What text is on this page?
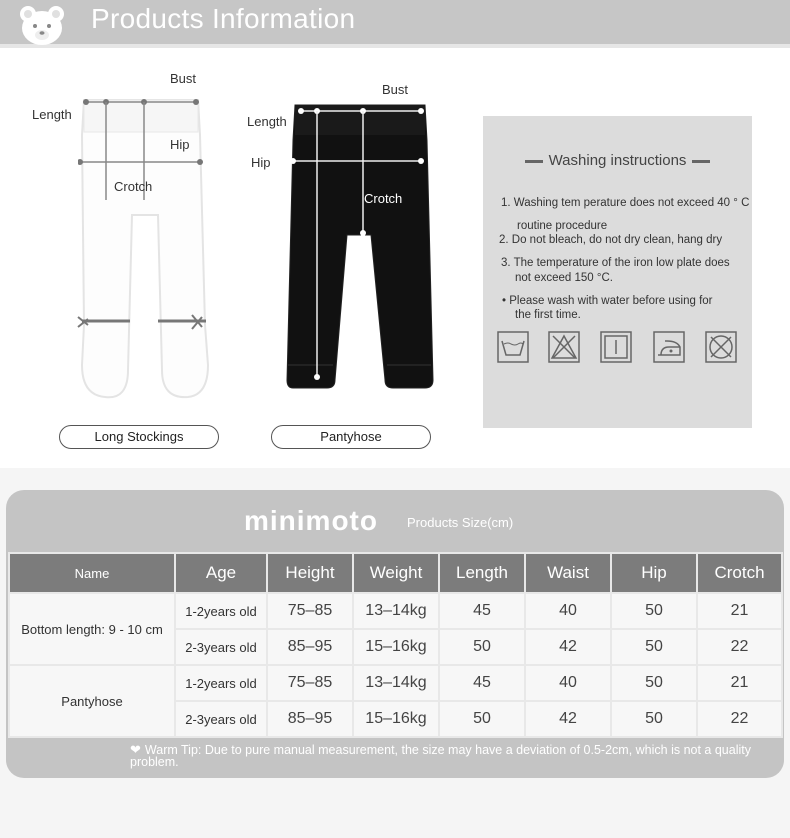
Products Information
Bust
Length
Hip
Crotch
Long Stockings
Bust
Length
Hip
Crotch
Pantyhose
Washing instructions
1. Washing tem perature does not exceed 40 ° C
routine procedure
2. Do not bleach, do not dry clean, hang dry
3. The temperature of the iron low plate does
not exceed 150 °C.
• Please wash with water before using for
the first time.
minimoto Products Size(cm)
Name	Age	Height	Weight	Length	Waist	Hip	Crotch
Bottom length: 9 - 10 cm	1-2years old	75–85	13–14kg	45	40	50	21
	2-3years old	85–95	15–16kg	50	42	50	22
Pantyhose	1-2years old	75–85	13–14kg	45	40	50	21
	2-3years old	85–95	15–16kg	50	42	50	22
❤ Warm Tip: Due to pure manual measurement, the size may have a deviation of 0.5-2cm, which is not a quality problem.
